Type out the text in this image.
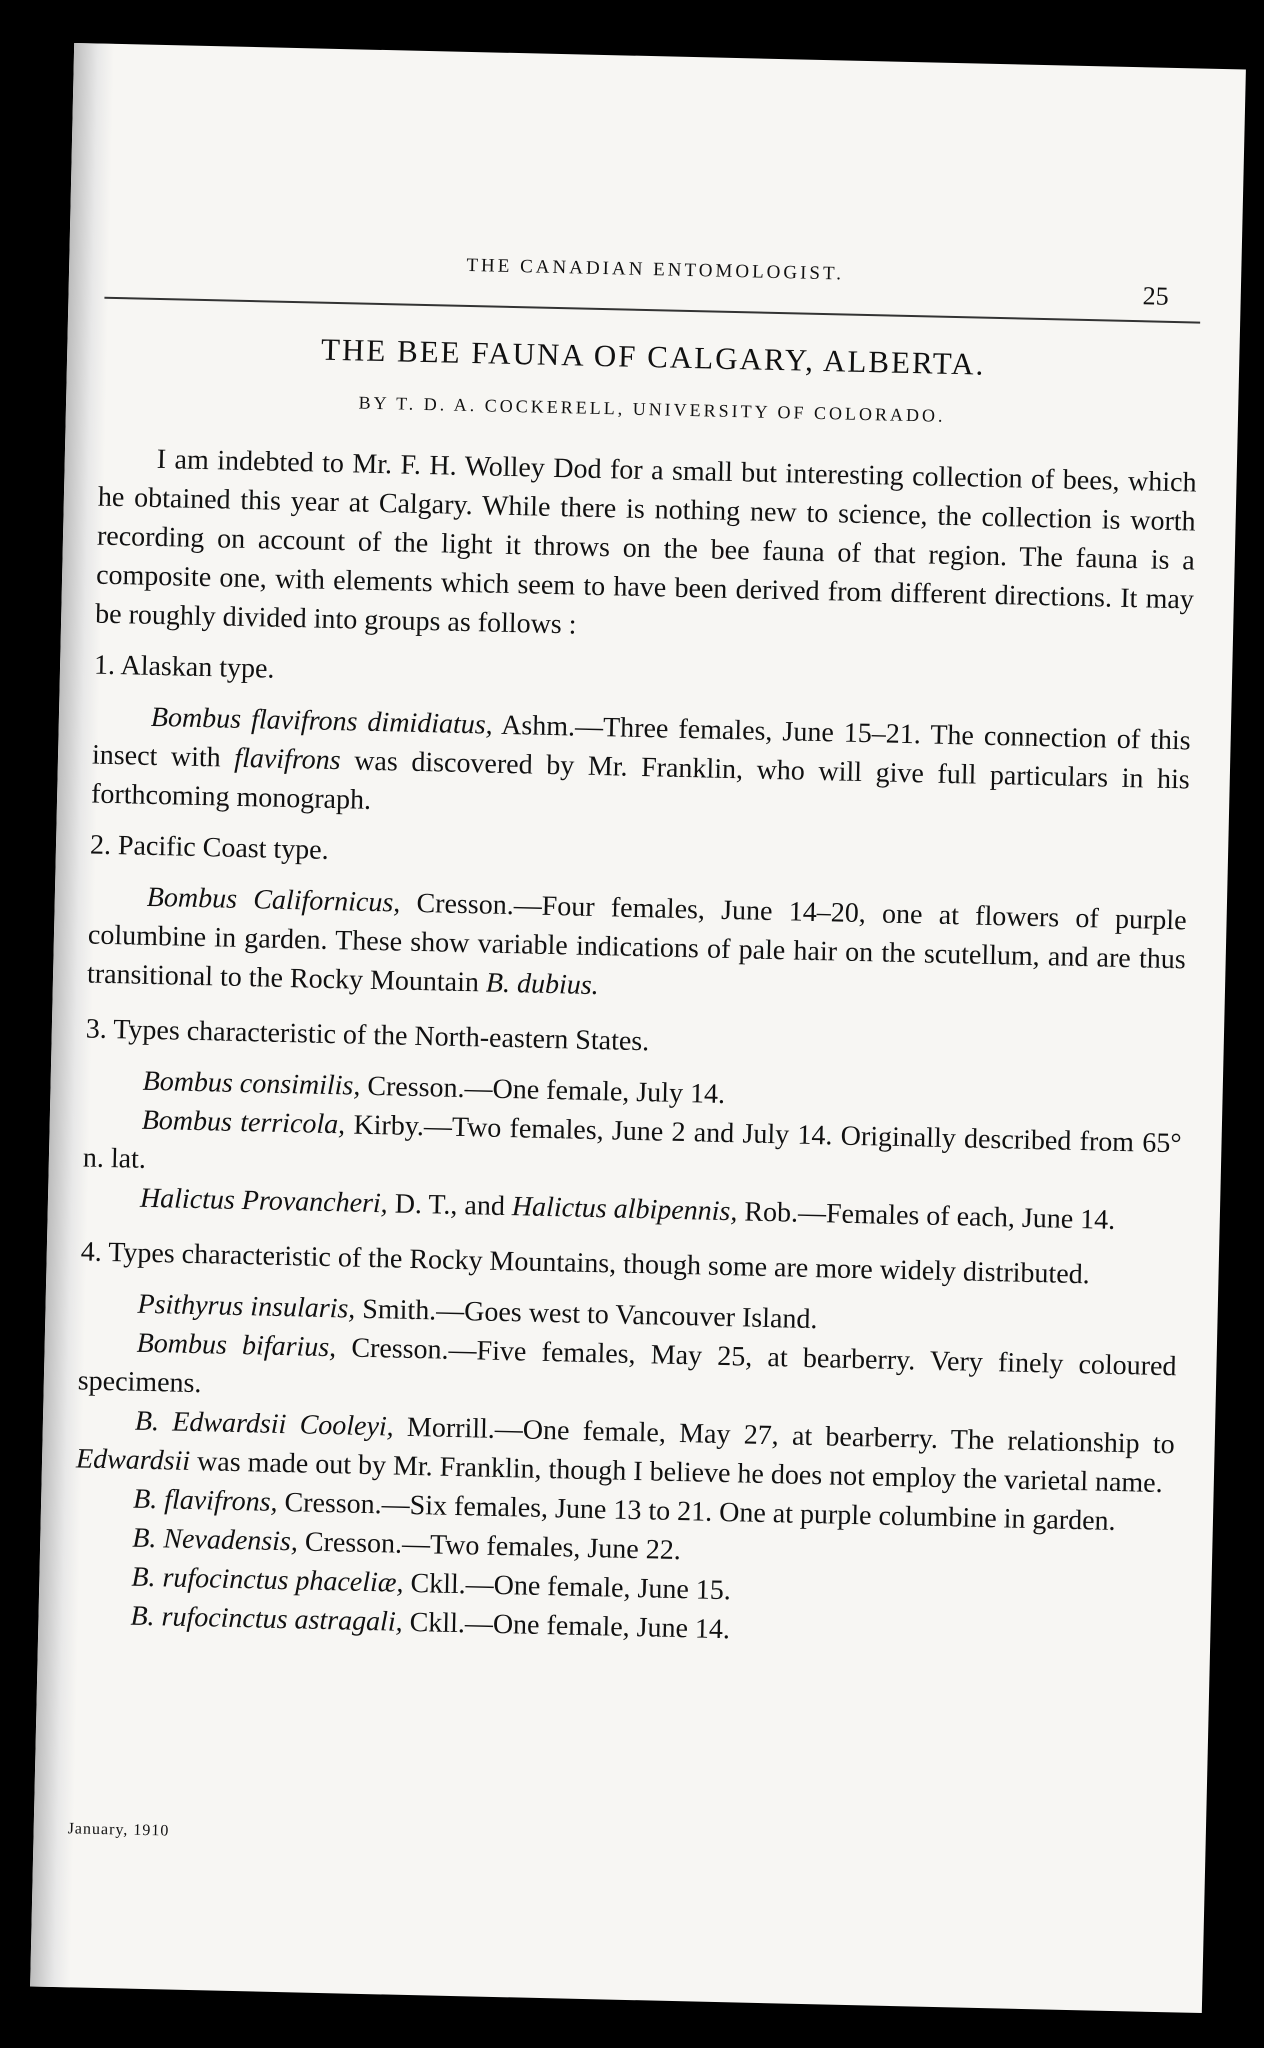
THE CANADIAN ENTOMOLOGIST.
25
THE BEE FAUNA OF CALGARY, ALBERTA.
BY T. D. A. COCKERELL, UNIVERSITY OF COLORADO.

I am indebted to Mr. F. H. Wolley Dod for a small but interesting collection of bees, which he obtained this year at Calgary. While there is nothing new to science, the collection is worth recording on account of the light it throws on the bee fauna of that region. The fauna is a composite one, with elements which seem to have been derived from different directions. It may be roughly divided into groups as follows :

1. Alaskan type.

Bombus flavifrons dimidiatus, Ashm.—Three females, June 15–21. The connection of this insect with flavifrons was discovered by Mr. Franklin, who will give full particulars in his forthcoming monograph.

2. Pacific Coast type.

Bombus Californicus, Cresson.—Four females, June 14–20, one at flowers of purple columbine in garden. These show variable indications of pale hair on the scutellum, and are thus transitional to the Rocky Mountain B. dubius.

3. Types characteristic of the North-eastern States.

Bombus consimilis, Cresson.—One female, July 14.

Bombus terricola, Kirby.—Two females, June 2 and July 14. Originally described from 65° n. lat.

Halictus Provancheri, D. T., and Halictus albipennis, Rob.—Females of each, June 14.

4. Types characteristic of the Rocky Mountains, though some are more widely distributed.

Psithyrus insularis, Smith.—Goes west to Vancouver Island.

Bombus bifarius, Cresson.—Five females, May 25, at bearberry. Very finely coloured specimens.

B. Edwardsii Cooleyi, Morrill.—One female, May 27, at bearberry. The relationship to Edwardsii was made out by Mr. Franklin, though I believe he does not employ the varietal name.

B. flavifrons, Cresson.—Six females, June 13 to 21. One at purple columbine in garden.

B. Nevadensis, Cresson.—Two females, June 22.

B. rufocinctus phaceliæ, Ckll.—One female, June 15.

B. rufocinctus astragali, Ckll.—One female, June 14.

January, 1910
